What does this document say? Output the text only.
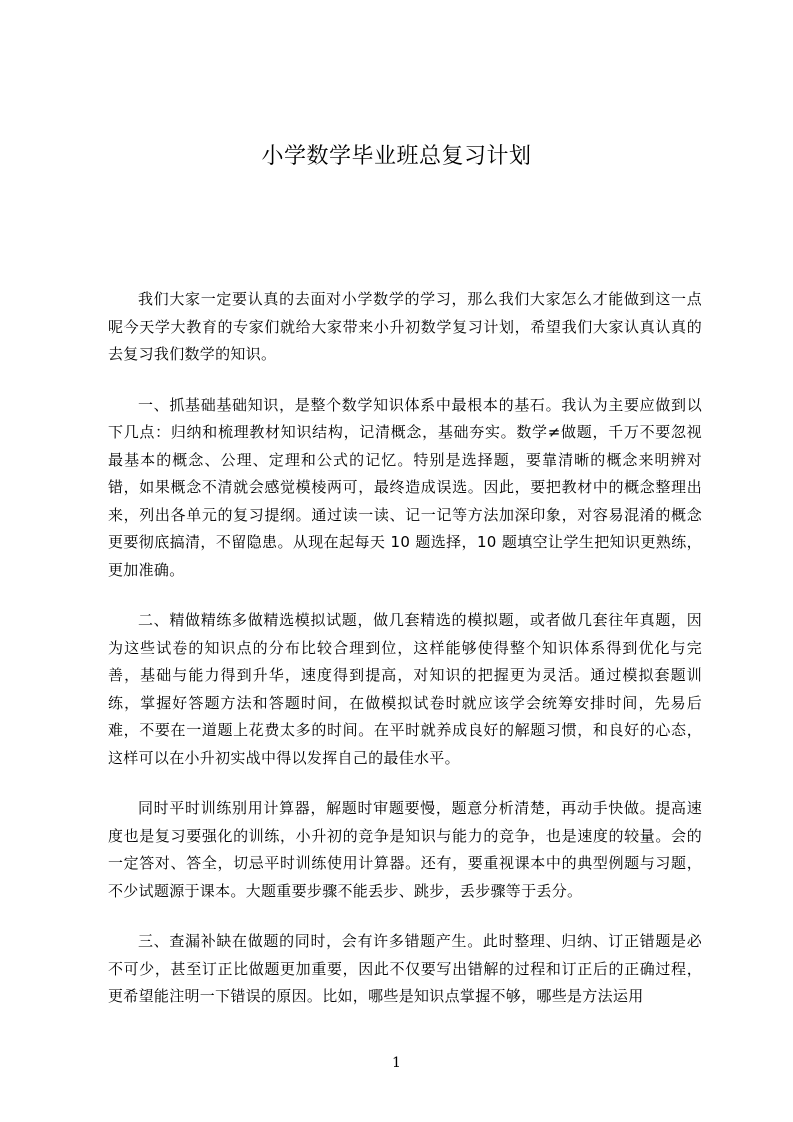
小学数学毕业班总复习计划

我们大家一定要认真的去面对小学数学的学习，那么我们大家怎么才能做到这一点呢今天学大教育的专家们就给大家带来小升初数学复习计划，希望我们大家认真认真的去复习我们数学的知识。

一、抓基础基础知识，是整个数学知识体系中最根本的基石。我认为主要应做到以下几点：归纳和梳理教材知识结构，记清概念，基础夯实。数学≠做题，千万不要忽视最基本的概念、公理、定理和公式的记忆。特别是选择题，要靠清晰的概念来明辨对错，如果概念不清就会感觉模棱两可，最终造成误选。因此，要把教材中的概念整理出来，列出各单元的复习提纲。通过读一读、记一记等方法加深印象，对容易混淆的概念更要彻底搞清，不留隐患。从现在起每天 10 题选择，10 题填空让学生把知识更熟练，更加准确。

二、精做精练多做精选模拟试题，做几套精选的模拟题，或者做几套往年真题，因为这些试卷的知识点的分布比较合理到位，这样能够使得整个知识体系得到优化与完善，基础与能力得到升华，速度得到提高，对知识的把握更为灵活。通过模拟套题训练，掌握好答题方法和答题时间，在做模拟试卷时就应该学会统筹安排时间，先易后难，不要在一道题上花费太多的时间。在平时就养成良好的解题习惯，和良好的心态，这样可以在小升初实战中得以发挥自己的最佳水平。

同时平时训练别用计算器，解题时审题要慢，题意分析清楚，再动手快做。提高速度也是复习要强化的训练，小升初的竞争是知识与能力的竞争，也是速度的较量。会的一定答对、答全，切忌平时训练使用计算器。还有，要重视课本中的典型例题与习题，不少试题源于课本。大题重要步骤不能丢步、跳步，丢步骤等于丢分。

三、查漏补缺在做题的同时，会有许多错题产生。此时整理、归纳、订正错题是必不可少，甚至订正比做题更加重要，因此不仅要写出错解的过程和订正后的正确过程，更希望能注明一下错误的原因。比如，哪些是知识点掌握不够，哪些是方法运用

1
